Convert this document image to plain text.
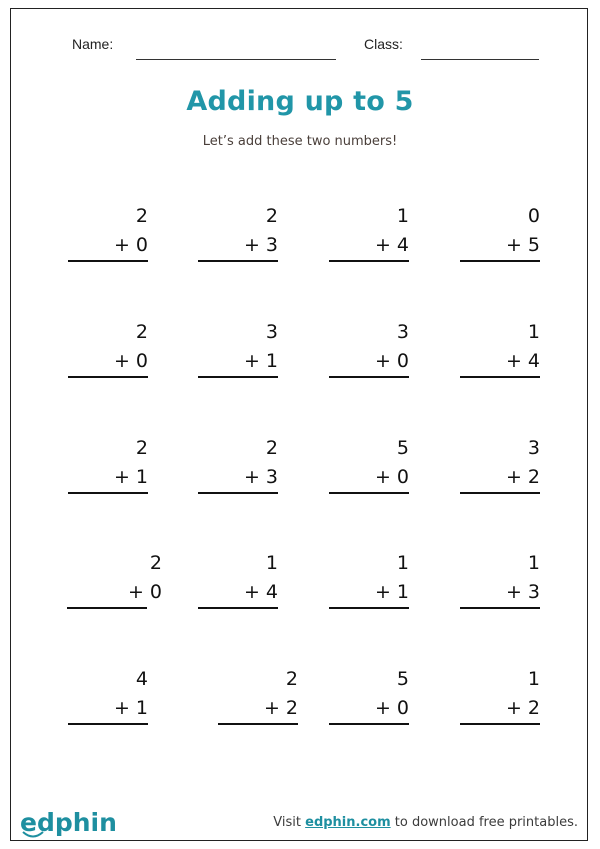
Name:	Class:
Adding up to 5
Let’s add these two numbers!
2
+ 0
2
+ 3
1
+ 4
0
+ 5
2
+ 0
3
+ 1
3
+ 0
1
+ 4
2
+ 1
2
+ 3
5
+ 0
3
+ 2
2
+ 0
1
+ 4
1
+ 1
1
+ 3
4
+ 1
2
+ 2
5
+ 0
1
+ 2
edphin	Visit edphin.com to download free printables.
